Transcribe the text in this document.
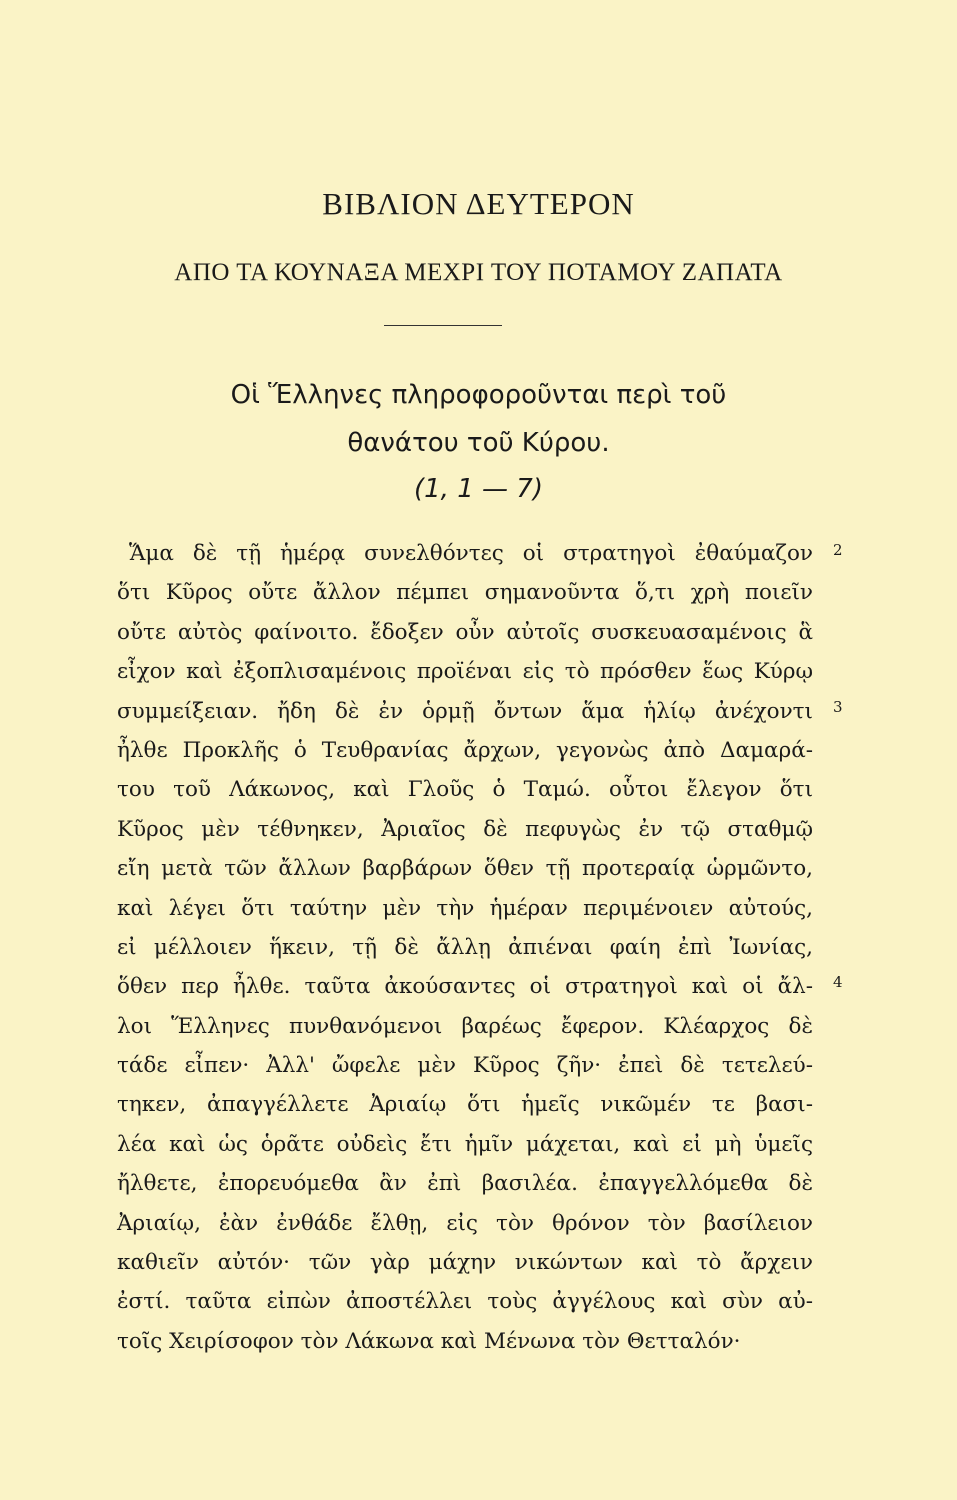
ΒΙΒΛΙΟΝ ΔΕΥΤΕΡΟΝ
ΑΠΟ ΤΑ ΚΟΥΝΑΞΑ ΜΕΧΡΙ ΤΟΥ ΠΟΤΑΜΟΥ ΖΑΠΑΤΑ
Οἱ Ἕλληνες πληροφοροῦνται περὶ τοῦ
θανάτου τοῦ Κύρου.
(1, 1 — 7)
Ἅμα δὲ τῇ ἡμέρᾳ συνελθόντες οἱ στρατηγοὶ ἐθαύμαζον
ὅτι Κῦρος οὔτε ἄλλον πέμπει σημανοῦντα ὅ,τι χρὴ ποιεῖν
οὔτε αὐτὸς φαίνοιτο. ἔδοξεν οὖν αὐτοῖς συσκευασαμένοις ἃ
εἶχον καὶ ἐξοπλισαμένοις προϊέναι εἰς τὸ πρόσθεν ἕως Κύρῳ
συμμείξειαν. ἤδη δὲ ἐν ὁρμῇ ὄντων ἅμα ἡλίῳ ἀνέχοντι
ἦλθε Προκλῆς ὁ Τευθρανίας ἄρχων, γεγονὼς ἀπὸ Δαμαρά-
του τοῦ Λάκωνος, καὶ Γλοῦς ὁ Ταμώ. οὗτοι ἔλεγον ὅτι
Κῦρος μὲν τέθνηκεν, Ἀριαῖος δὲ πεφυγὼς ἐν τῷ σταθμῷ
εἴη μετὰ τῶν ἄλλων βαρβάρων ὅθεν τῇ προτεραίᾳ ὡρμῶντο,
καὶ λέγει ὅτι ταύτην μὲν τὴν ἡμέραν περιμένοιεν αὐτούς,
εἰ μέλλοιεν ἥκειν, τῇ δὲ ἄλλῃ ἀπιέναι φαίη ἐπὶ Ἰωνίας,
ὅθεν περ ἦλθε. ταῦτα ἀκούσαντες οἱ στρατηγοὶ καὶ οἱ ἄλ-
λοι Ἕλληνες πυνθανόμενοι βαρέως ἔφερον. Κλέαρχος δὲ
τάδε εἶπεν· Ἀλλ' ὤφελε μὲν Κῦρος ζῆν· ἐπεὶ δὲ τετελεύ-
τηκεν, ἀπαγγέλλετε Ἀριαίῳ ὅτι ἡμεῖς νικῶμέν τε βασι-
λέα καὶ ὡς ὁρᾶτε οὐδεὶς ἔτι ἡμῖν μάχεται, καὶ εἰ μὴ ὑμεῖς
ἤλθετε, ἐπορευόμεθα ἂν ἐπὶ βασιλέα. ἐπαγγελλόμεθα δὲ
Ἀριαίῳ, ἐὰν ἐνθάδε ἔλθῃ, εἰς τὸν θρόνον τὸν βασίλειον
καθιεῖν αὐτόν· τῶν γὰρ μάχην νικώντων καὶ τὸ ἄρχειν
ἐστί. ταῦτα εἰπὼν ἀποστέλλει τοὺς ἀγγέλους καὶ σὺν αὐ-
τοῖς Χειρίσοφον τὸν Λάκωνα καὶ Μένωνα τὸν Θετταλόν·
2
3
4
